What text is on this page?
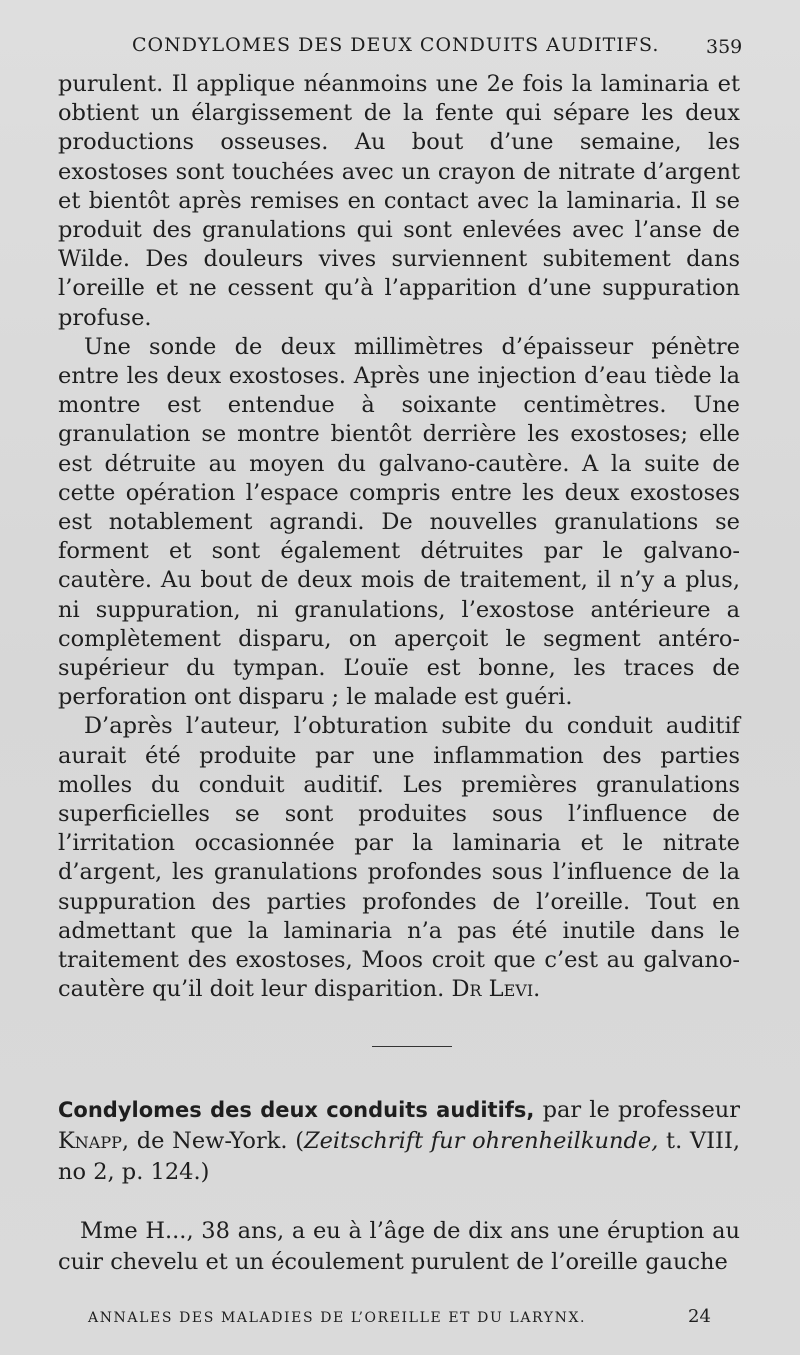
CONDYLOMES DES DEUX CONDUITS AUDITIFS. 359

purulent. Il applique néanmoins une 2e fois la laminaria et obtient un élargissement de la fente qui sépare les deux productions osseuses. Au bout d’une semaine, les exostoses sont touchées avec un crayon de nitrate d’argent et bientôt après remises en contact avec la laminaria. Il se produit des granulations qui sont enlevées avec l’anse de Wilde. Des douleurs vives surviennent subitement dans l’oreille et ne cessent qu’à l’apparition d’une suppuration profuse.

Une sonde de deux millimètres d’épaisseur pénètre entre les deux exostoses. Après une injection d’eau tiède la montre est entendue à soixante centimètres. Une granulation se montre bientôt derrière les exostoses; elle est détruite au moyen du galvano-cautère. A la suite de cette opération l’espace compris entre les deux exostoses est notablement agrandi. De nouvelles granulations se forment et sont également détruites par le galvano-cautère. Au bout de deux mois de traitement, il n’y a plus, ni suppuration, ni granulations, l’exostose antérieure a complètement disparu, on aperçoit le segment antéro-supérieur du tympan. L’ouïe est bonne, les traces de perforation ont disparu ; le malade est guéri.

D’après l’auteur, l’obturation subite du conduit auditif aurait été produite par une inflammation des parties molles du conduit auditif. Les premières granulations superficielles se sont produites sous l’influence de l’irritation occasionnée par la laminaria et le nitrate d’argent, les granulations profondes sous l’influence de la suppuration des parties profondes de l’oreille. Tout en admettant que la laminaria n’a pas été inutile dans le traitement des exostoses, Moos croit que c’est au galvano-cautère qu’il doit leur disparition. Dr Levi.

Condylomes des deux conduits auditifs, par le professeur Knapp, de New-York. (Zeitschrift fur ohrenheilkunde, t. VIII, no 2, p. 124.)

Mme H..., 38 ans, a eu à l’âge de dix ans une éruption au cuir chevelu et un écoulement purulent de l’oreille gauche

ANNALES DES MALADIES DE L’OREILLE ET DU LARYNX.	24
